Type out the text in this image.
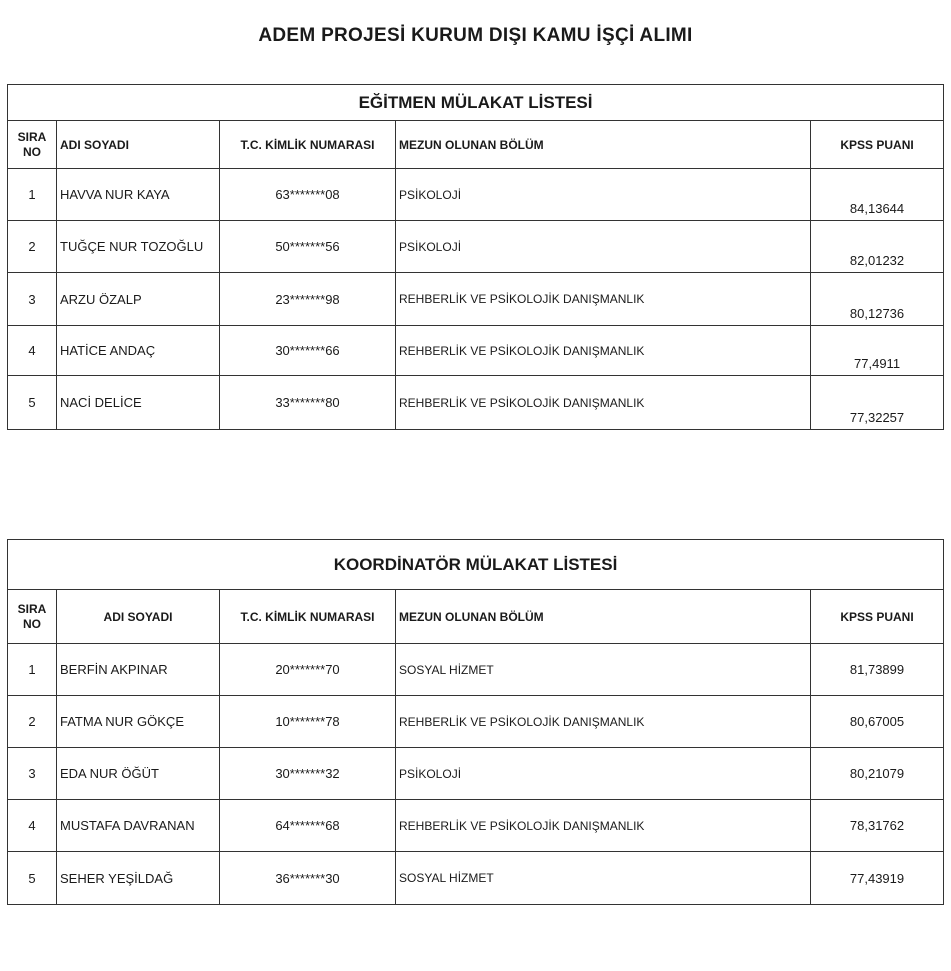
ADEM PROJESİ KURUM DIŞI KAMU İŞÇİ ALIMI
EĞİTMEN MÜLAKAT LİSTESİ				
SIRA
NO	ADI SOYADI	T.C. KİMLİK NUMARASI	MEZUN OLUNAN BÖLÜM	KPSS PUANI
1	HAVVA NUR KAYA	63*******08	PSİKOLOJİ	84,13644
2	TUĞÇE NUR TOZOĞLU	50*******56	PSİKOLOJİ	82,01232
3	ARZU ÖZALP	23*******98	REHBERLİK VE PSİKOLOJİK DANIŞMANLIK	80,12736
4	HATİCE ANDAÇ	30*******66	REHBERLİK VE PSİKOLOJİK DANIŞMANLIK	77,4911
5	NACİ DELİCE	33*******80	REHBERLİK VE PSİKOLOJİK DANIŞMANLIK	77,32257
KOORDİNATÖR MÜLAKAT LİSTESİ				
SIRA
NO	ADI SOYADI	T.C. KİMLİK NUMARASI	MEZUN OLUNAN BÖLÜM	KPSS PUANI
1	BERFİN AKPINAR	20*******70	SOSYAL HİZMET	81,73899
2	FATMA NUR GÖKÇE	10*******78	REHBERLİK VE PSİKOLOJİK DANIŞMANLIK	80,67005
3	EDA NUR ÖĞÜT	30*******32	PSİKOLOJİ	80,21079
4	MUSTAFA DAVRANAN	64*******68	REHBERLİK VE PSİKOLOJİK DANIŞMANLIK	78,31762
5	SEHER YEŞİLDAĞ	36*******30	SOSYAL HİZMET	77,43919
